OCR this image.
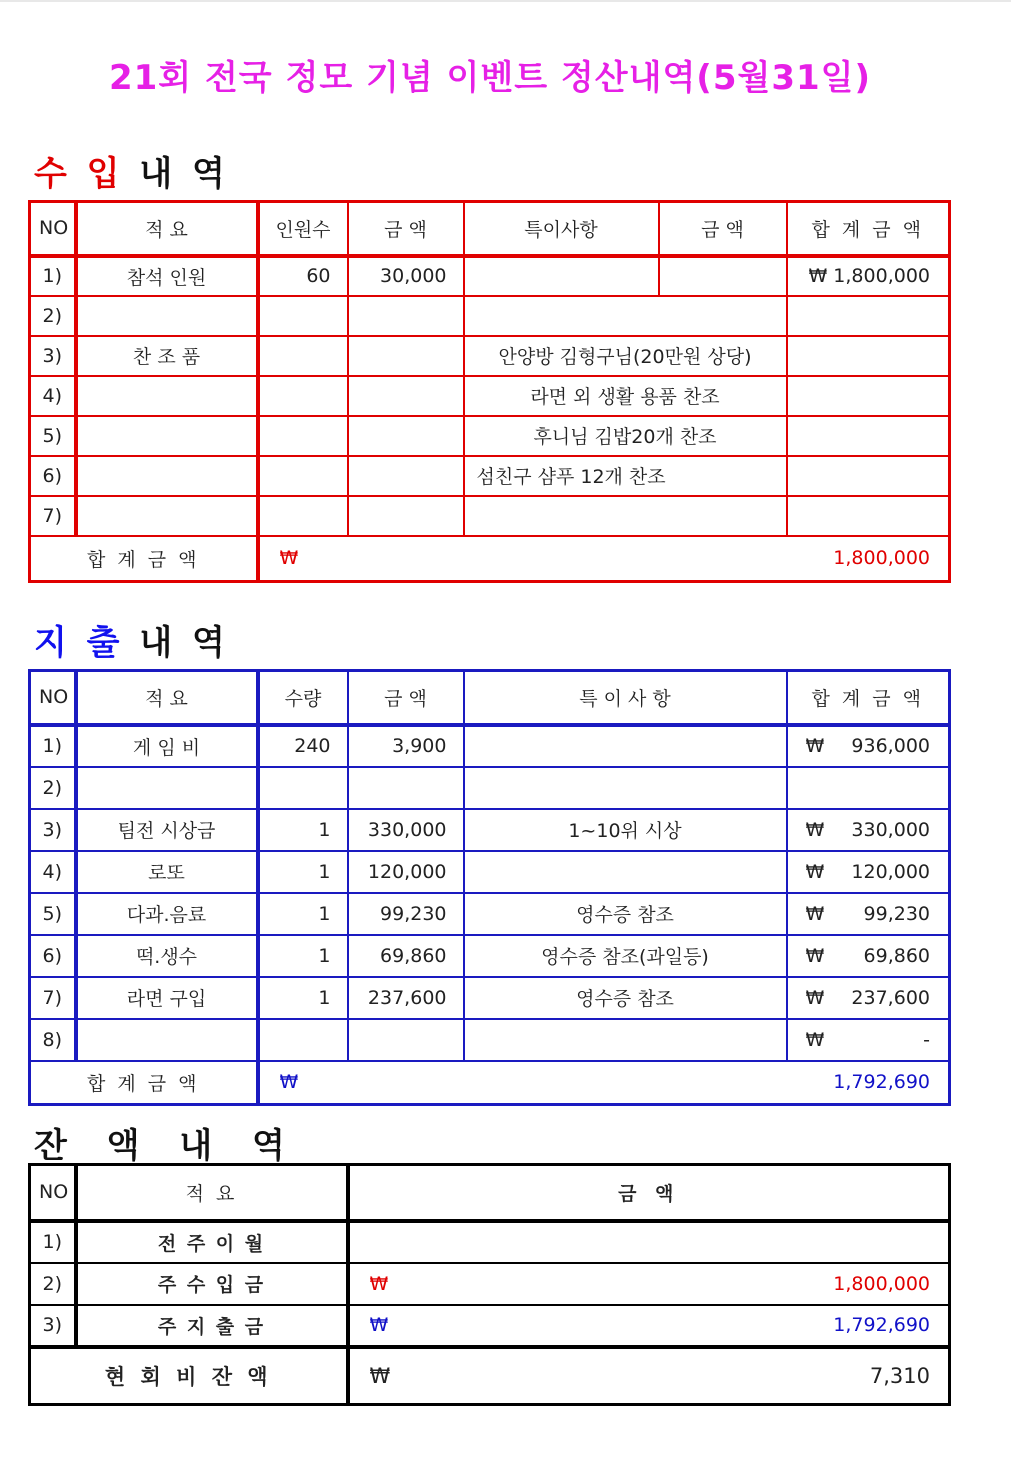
21회 전국 정모 기념 이벤트 정산내역(5월31일)
수 입 내 역
NO	적 요	인원수	금 액	특이사항	금 액	합 계 금 액
1)	참석 인원	60	30,000			₩ 1,800,000
2)						
3)	찬 조 품			안양방 김형구님(20만원 상당)		
4)				라면 외 생활 용품 찬조		
5)				후니님 김밥20개 찬조		
6)				섬친구 샴푸 12개 찬조		
7)						
합 계 금 액		₩ 1,800,000				
지 출 내 역
NO	적 요	수량	금 액	특 이 사 항	합 계 금 액
1)	게 임 비	240	3,900		₩ 936,000

2)					

3)	팀전 시상금	1	330,000	1~10위 시상	₩ 330,000

4)	로또	1	120,000		₩ 120,000

5)	다과.음료	1	99,230	영수증 참조	₩ 99,230

6)	떡.생수	1	69,860	영수증 참조(과일등)	₩ 69,860

7)	라면 구입	1	237,600	영수증 참조	₩ 237,600

8)					₩ -

합 계 금 액		₩ 1,792,690			
잔 액 내 역
NO	적 요	금 액
1)	전 주 이 월	

2)	주 수 입 금	₩ 1,800,000

3)	주 지 출 금	₩ 1,792,690

현 회 비 잔 액		₩ 7,310
